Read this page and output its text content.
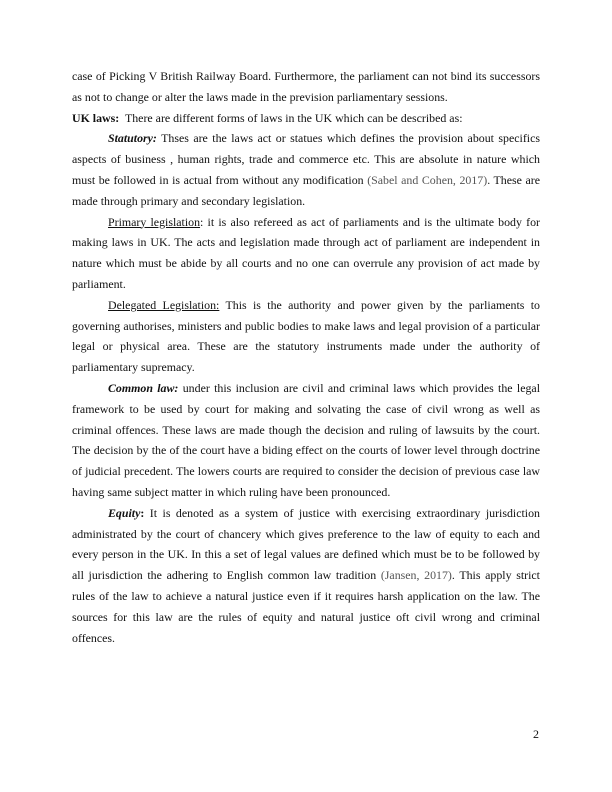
case of Picking V British Railway Board. Furthermore, the parliament can not bind its successors as not to change or alter the laws made in the prevision parliamentary sessions.

UK laws:  There are different forms of laws in the UK which can be described as:

Statutory: Thses are the laws act or statues which defines the provision about specifics aspects of business , human rights, trade and commerce etc. This are absolute in nature which must be followed in is actual from without any modification (Sabel and Cohen, 2017). These are made through primary and secondary legislation.

Primary legislation: it is also refereed as act of parliaments and is the ultimate body for making laws in UK. The acts and legislation made through act of parliament are independent in nature which must be abide by all courts and no one can overrule any provision of act made by parliament.

Delegated Legislation: This is the authority and power given by the parliaments to governing authorises, ministers and public bodies to make laws and legal provision of a particular legal or physical area. These are the statutory instruments made under the authority of parliamentary supremacy.

Common law: under this inclusion are civil and criminal laws which provides the legal framework to be used by court for making and solvating the case of civil wrong as well as criminal offences. These laws are made though the decision and ruling of lawsuits by the court. The decision by the of the court have a biding effect on the courts of lower level through doctrine of judicial precedent. The lowers courts are required to consider the decision of previous case law having same subject matter in which ruling have been pronounced.

Equity: It is denoted as a system of justice with exercising extraordinary jurisdiction administrated by the court of chancery which gives preference to the law of equity to each and every person in the UK. In this a set of legal values are defined which must be to be followed by all jurisdiction the adhering to English common law tradition (Jansen, 2017). This apply strict rules of the law to achieve a natural justice even if it requires harsh application on the law. The sources for this law are the rules of equity and natural justice oft civil wrong and criminal offences.

2
